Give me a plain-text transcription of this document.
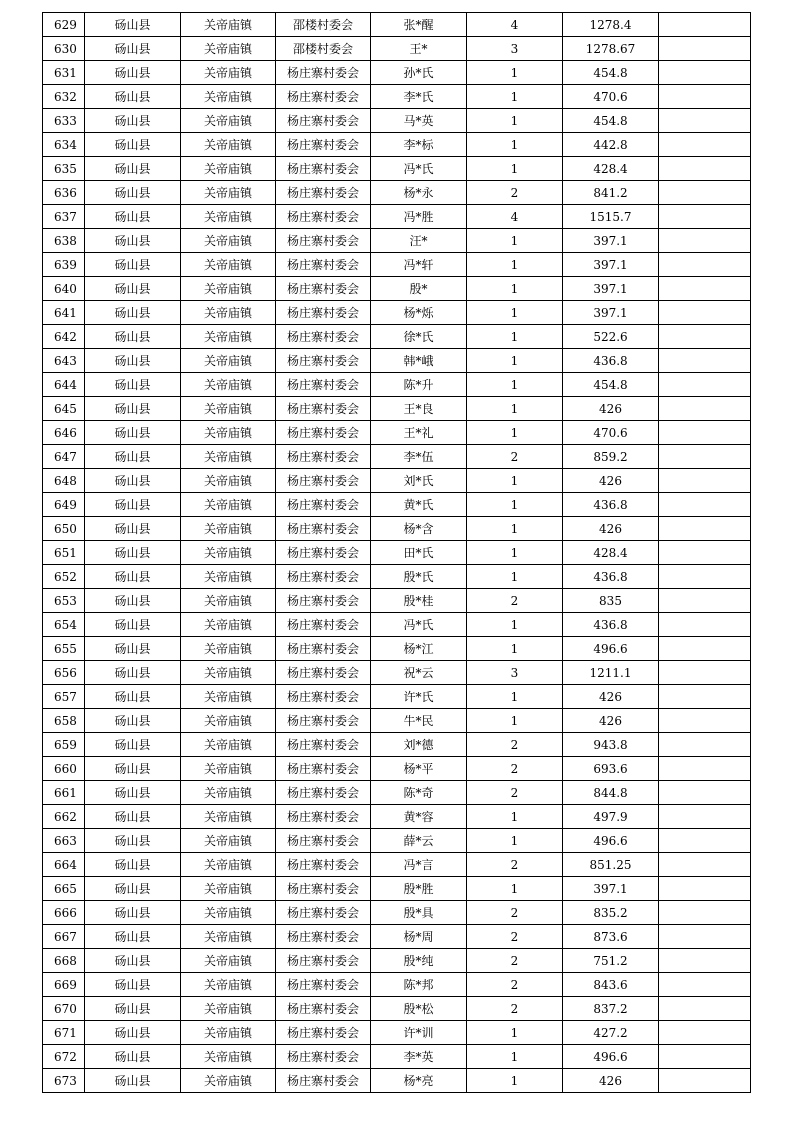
629	砀山县	关帝庙镇	邵楼村委会	张*醒	4	1278.4	
630	砀山县	关帝庙镇	邵楼村委会	王*	3	1278.67	
631	砀山县	关帝庙镇	杨庄寨村委会	孙*氏	1	454.8	
632	砀山县	关帝庙镇	杨庄寨村委会	李*氏	1	470.6	
633	砀山县	关帝庙镇	杨庄寨村委会	马*英	1	454.8	
634	砀山县	关帝庙镇	杨庄寨村委会	李*标	1	442.8	
635	砀山县	关帝庙镇	杨庄寨村委会	冯*氏	1	428.4	
636	砀山县	关帝庙镇	杨庄寨村委会	杨*永	2	841.2	
637	砀山县	关帝庙镇	杨庄寨村委会	冯*胜	4	1515.7	
638	砀山县	关帝庙镇	杨庄寨村委会	汪*	1	397.1	
639	砀山县	关帝庙镇	杨庄寨村委会	冯*轩	1	397.1	
640	砀山县	关帝庙镇	杨庄寨村委会	殷*	1	397.1	
641	砀山县	关帝庙镇	杨庄寨村委会	杨*烁	1	397.1	
642	砀山县	关帝庙镇	杨庄寨村委会	徐*氏	1	522.6	
643	砀山县	关帝庙镇	杨庄寨村委会	韩*峨	1	436.8	
644	砀山县	关帝庙镇	杨庄寨村委会	陈*升	1	454.8	
645	砀山县	关帝庙镇	杨庄寨村委会	王*良	1	426	
646	砀山县	关帝庙镇	杨庄寨村委会	王*礼	1	470.6	
647	砀山县	关帝庙镇	杨庄寨村委会	李*伍	2	859.2	
648	砀山县	关帝庙镇	杨庄寨村委会	刘*氏	1	426	
649	砀山县	关帝庙镇	杨庄寨村委会	黄*氏	1	436.8	
650	砀山县	关帝庙镇	杨庄寨村委会	杨*含	1	426	
651	砀山县	关帝庙镇	杨庄寨村委会	田*氏	1	428.4	
652	砀山县	关帝庙镇	杨庄寨村委会	殷*氏	1	436.8	
653	砀山县	关帝庙镇	杨庄寨村委会	殷*桂	2	835	
654	砀山县	关帝庙镇	杨庄寨村委会	冯*氏	1	436.8	
655	砀山县	关帝庙镇	杨庄寨村委会	杨*江	1	496.6	
656	砀山县	关帝庙镇	杨庄寨村委会	祝*云	3	1211.1	
657	砀山县	关帝庙镇	杨庄寨村委会	许*氏	1	426	
658	砀山县	关帝庙镇	杨庄寨村委会	牛*民	1	426	
659	砀山县	关帝庙镇	杨庄寨村委会	刘*德	2	943.8	
660	砀山县	关帝庙镇	杨庄寨村委会	杨*平	2	693.6	
661	砀山县	关帝庙镇	杨庄寨村委会	陈*奇	2	844.8	
662	砀山县	关帝庙镇	杨庄寨村委会	黄*容	1	497.9	
663	砀山县	关帝庙镇	杨庄寨村委会	薛*云	1	496.6	
664	砀山县	关帝庙镇	杨庄寨村委会	冯*言	2	851.25	
665	砀山县	关帝庙镇	杨庄寨村委会	殷*胜	1	397.1	
666	砀山县	关帝庙镇	杨庄寨村委会	殷*具	2	835.2	
667	砀山县	关帝庙镇	杨庄寨村委会	杨*周	2	873.6	
668	砀山县	关帝庙镇	杨庄寨村委会	殷*纯	2	751.2	
669	砀山县	关帝庙镇	杨庄寨村委会	陈*邦	2	843.6	
670	砀山县	关帝庙镇	杨庄寨村委会	殷*松	2	837.2	
671	砀山县	关帝庙镇	杨庄寨村委会	许*训	1	427.2	
672	砀山县	关帝庙镇	杨庄寨村委会	李*英	1	496.6	
673	砀山县	关帝庙镇	杨庄寨村委会	杨*亮	1	426	
